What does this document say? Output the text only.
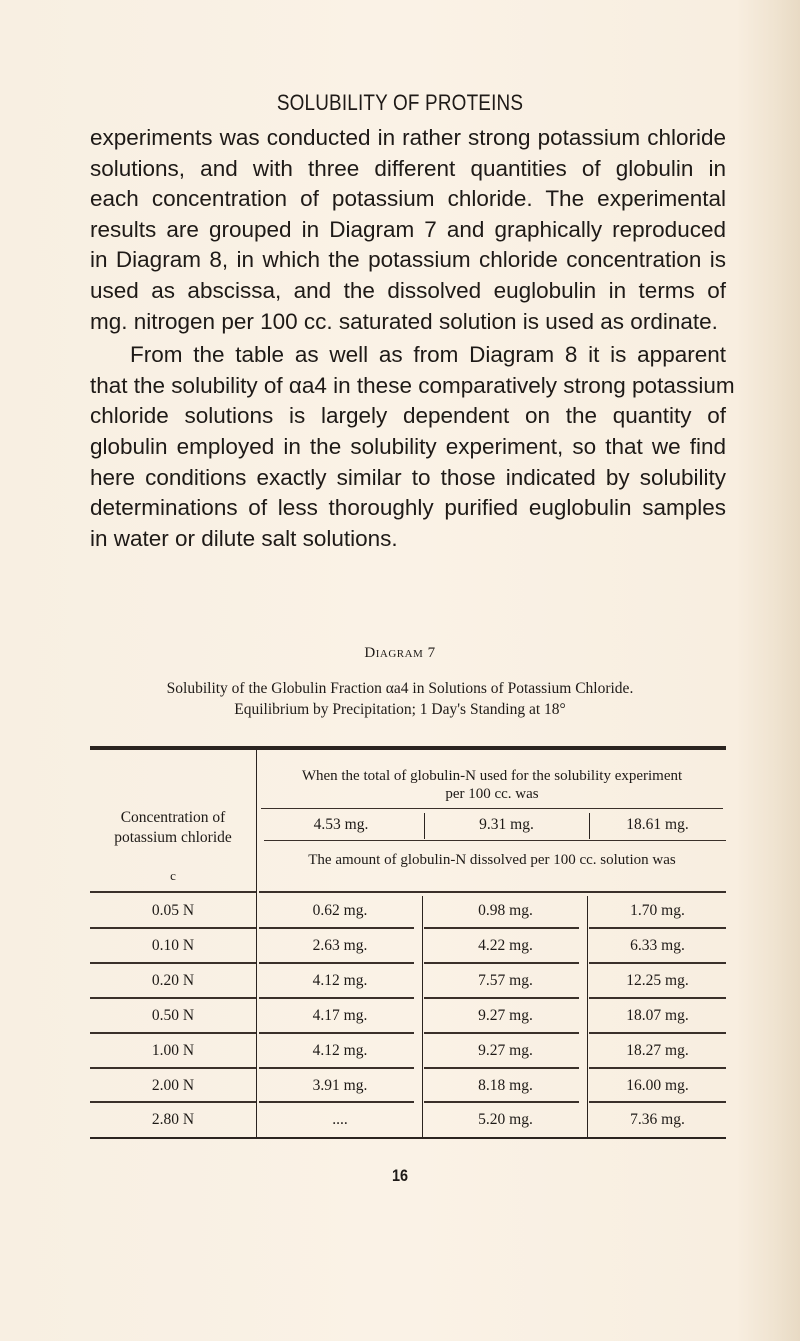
SOLUBILITY OF PROTEINS

experiments was conducted in rather strong potassium chloride
solutions, and with three different quantities of globulin in
each concentration of potassium chloride. The experimental
results are grouped in Diagram 7 and graphically reproduced
in Diagram 8, in which the potassium chloride concentration is
used as abscissa, and the dissolved euglobulin in terms of
mg. nitrogen per 100 cc. saturated solution is used as ordinate.

From the table as well as from Diagram 8 it is apparent
that the solubility of αa4 in these comparatively strong potassium
chloride solutions is largely dependent on the quantity of
globulin employed in the solubility experiment, so that we find
here conditions exactly similar to those indicated by solubility
determinations of less thoroughly purified euglobulin samples
in water or dilute salt solutions.

Diagram 7
Solubility of the Globulin Fraction αa4 in Solutions of Potassium Chloride.
Equilibrium by Precipitation; 1 Day's Standing at 18°
Concentration of
potassium chloride
c
When the total of globulin-N used for the solubility experiment
per 100 cc. was
4.53 mg.	9.31 mg.	18.61 mg.
The amount of globulin-N dissolved per 100 cc. solution was
0.05 N	0.62 mg.	0.98 mg.	1.70 mg.
0.10 N	2.63 mg.	4.22 mg.	6.33 mg.
0.20 N	4.12 mg.	7.57 mg.	12.25 mg.
0.50 N	4.17 mg.	9.27 mg.	18.07 mg.
1.00 N	4.12 mg.	9.27 mg.	18.27 mg.
2.00 N	3.91 mg.	8.18 mg.	16.00 mg.
2.80 N	....	5.20 mg.	7.36 mg.
16
